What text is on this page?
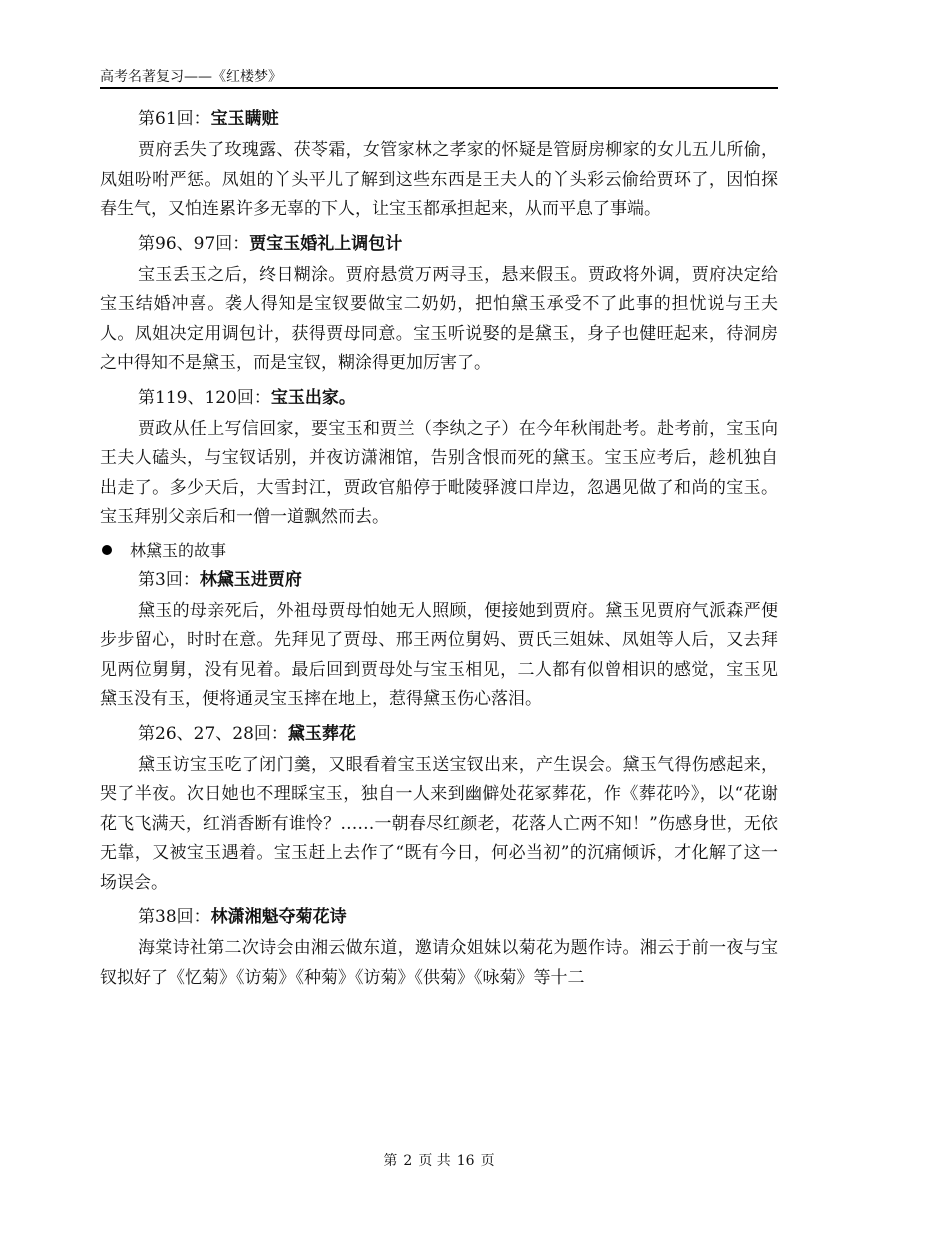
高考名著复习——《红楼梦》
第61回：宝玉瞒赃

贾府丢失了玫瑰露、茯苓霜，女管家林之孝家的怀疑是管厨房柳家的女儿五儿所偷，凤姐吩咐严惩。凤姐的丫头平儿了解到这些东西是王夫人的丫头彩云偷给贾环了，因怕探春生气，又怕连累许多无辜的下人，让宝玉都承担起来，从而平息了事端。

第96、97回：贾宝玉婚礼上调包计

宝玉丢玉之后，终日糊涂。贾府悬赏万两寻玉，悬来假玉。贾政将外调，贾府决定给宝玉结婚冲喜。袭人得知是宝钗要做宝二奶奶，把怕黛玉承受不了此事的担忧说与王夫人。凤姐决定用调包计，获得贾母同意。宝玉听说娶的是黛玉，身子也健旺起来，待洞房之中得知不是黛玉，而是宝钗，糊涂得更加厉害了。

第119、120回：宝玉出家。

贾政从任上写信回家，要宝玉和贾兰（李纨之子）在今年秋闱赴考。赴考前，宝玉向王夫人磕头，与宝钗话别，并夜访潇湘馆，告别含恨而死的黛玉。宝玉应考后，趁机独自出走了。多少天后，大雪封江，贾政官船停于毗陵驿渡口岸边，忽遇见做了和尚的宝玉。宝玉拜别父亲后和一僧一道飘然而去。

林黛玉的故事
第3回：林黛玉进贾府

黛玉的母亲死后，外祖母贾母怕她无人照顾，便接她到贾府。黛玉见贾府气派森严便步步留心，时时在意。先拜见了贾母、邢王两位舅妈、贾氏三姐妹、凤姐等人后，又去拜见两位舅舅，没有见着。最后回到贾母处与宝玉相见，二人都有似曾相识的感觉，宝玉见黛玉没有玉，便将通灵宝玉摔在地上，惹得黛玉伤心落泪。

第26、27、28回：黛玉葬花

黛玉访宝玉吃了闭门羹，又眼看着宝玉送宝钗出来，产生误会。黛玉气得伤感起来，哭了半夜。次日她也不理睬宝玉，独自一人来到幽僻处花冢葬花，作《葬花吟》，以“花谢花飞飞满天，红消香断有谁怜？……一朝春尽红颜老，花落人亡两不知！”伤感身世，无依无靠，又被宝玉遇着。宝玉赶上去作了“既有今日，何必当初”的沉痛倾诉，才化解了这一场误会。

第38回：林潇湘魁夺菊花诗

海棠诗社第二次诗会由湘云做东道，邀请众姐妹以菊花为题作诗。湘云于前一夜与宝钗拟好了《忆菊》《访菊》《种菊》《访菊》《供菊》《咏菊》等十二

第 2 页 共 16 页
